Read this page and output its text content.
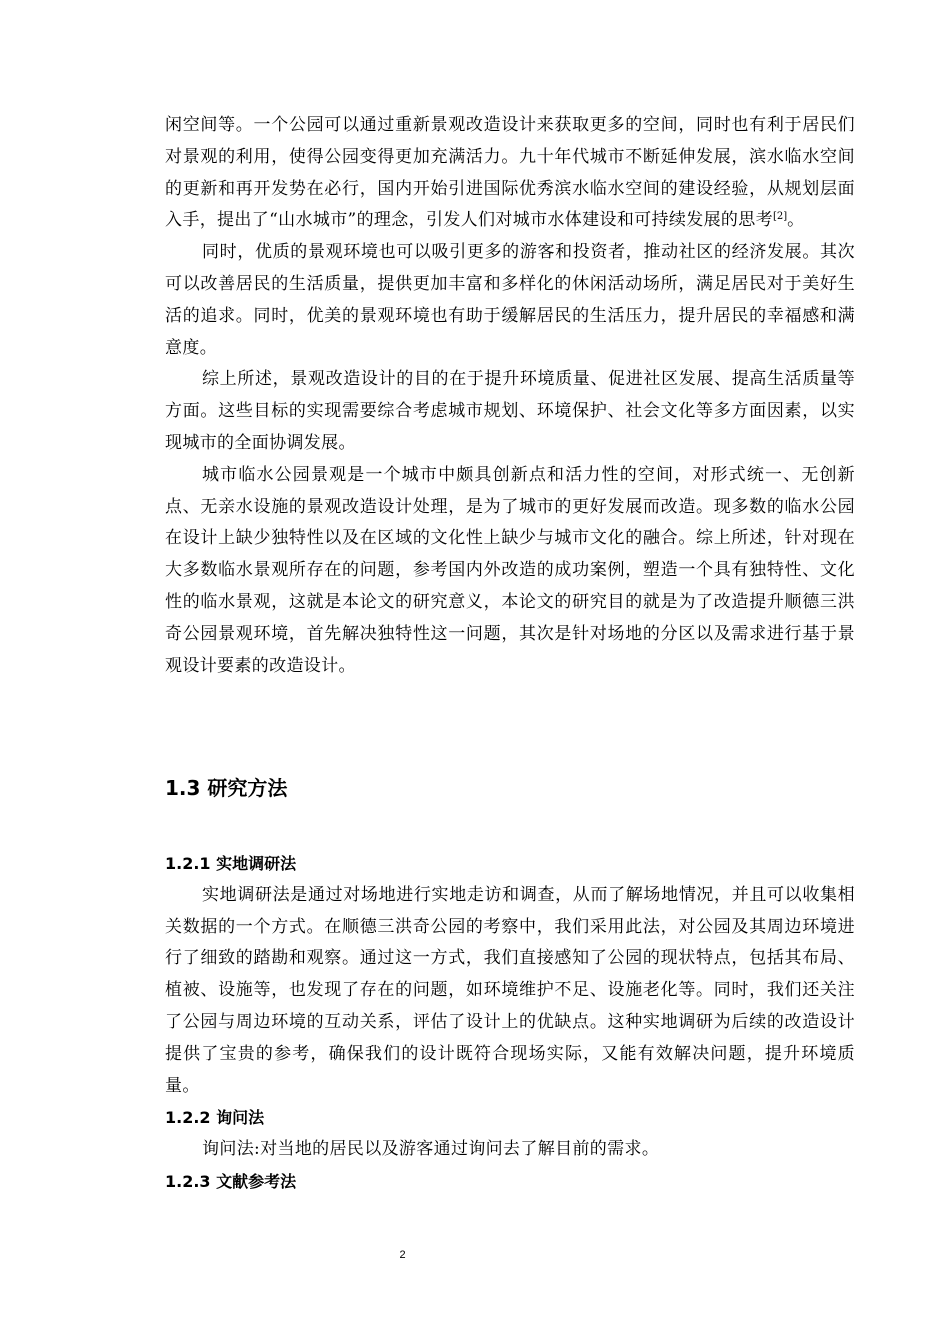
闲空间等。一个公园可以通过重新景观改造设计来获取更多的空间，同时也有利于居民们对景观的利用，使得公园变得更加充满活力。九十年代城市不断延伸发展，滨水临水空间的更新和再开发势在必行，国内开始引进国际优秀滨水临水空间的建设经验，从规划层面入手，提出了“山水城市”的理念，引发人们对城市水体建设和可持续发展的思考[2]。

同时，优质的景观环境也可以吸引更多的游客和投资者，推动社区的经济发展。其次可以改善居民的生活质量，提供更加丰富和多样化的休闲活动场所，满足居民对于美好生活的追求。同时，优美的景观环境也有助于缓解居民的生活压力，提升居民的幸福感和满意度。

综上所述，景观改造设计的目的在于提升环境质量、促进社区发展、提高生活质量等方面。这些目标的实现需要综合考虑城市规划、环境保护、社会文化等多方面因素，以实现城市的全面协调发展。

城市临水公园景观是一个城市中颇具创新点和活力性的空间，对形式统一、无创新点、无亲水设施的景观改造设计处理，是为了城市的更好发展而改造。现多数的临水公园在设计上缺少独特性以及在区域的文化性上缺少与城市文化的融合。综上所述，针对现在大多数临水景观所存在的问题，参考国内外改造的成功案例，塑造一个具有独特性、文化性的临水景观，这就是本论文的研究意义，本论文的研究目的就是为了改造提升顺德三洪奇公园景观环境，首先解决独特性这一问题，其次是针对场地的分区以及需求进行基于景观设计要素的改造设计。

1.3 研究方法
1.2.1 实地调研法

实地调研法是通过对场地进行实地走访和调查，从而了解场地情况，并且可以收集相关数据的一个方式。在顺德三洪奇公园的考察中，我们采用此法，对公园及其周边环境进行了细致的踏勘和观察。通过这一方式，我们直接感知了公园的现状特点，包括其布局、植被、设施等，也发现了存在的问题，如环境维护不足、设施老化等。同时，我们还关注了公园与周边环境的互动关系，评估了设计上的优缺点。这种实地调研为后续的改造设计提供了宝贵的参考，确保我们的设计既符合现场实际，又能有效解决问题，提升环境质量。

1.2.2 询问法

询问法:对当地的居民以及游客通过询问去了解目前的需求。

1.2.3 文献参考法
2
